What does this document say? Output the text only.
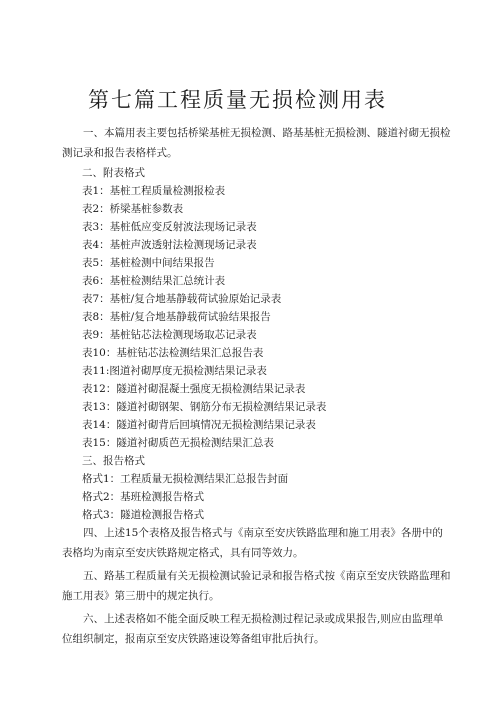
第七篇工程质量无损检测用表

一、本篇用表主要包括桥梁基桩无损检测、路基基桩无损检测、隧道衬砌无损检测记录和报告表格样式。

二、附表格式

表1：基桩工程质量检测报检表

表2：桥梁基桩参数表

表3：基桩低应变反射波法现场记录表

表4：基桩声波透射法检测现场记录表

表5：基桩检测中间结果报告

表6：基桩检测结果汇总统计表

表7：基桩/复合地基静载荷试验原始记录表

表8：基桩/复合地基静载荷试验结果报告

表9：基桩钻芯法检测现场取芯记录表

表10：基桩钻芯法检测结果汇总报告表

表11:图道衬砌厚度无损检测结果记录表

表12：隧道衬砌混凝土强度无损检测结果记录表

表13：隧道衬砌钢架、钢筋分布无损检测结果记录表

表14：隧道衬砌背后回填情况无损检测结果记录表

表15：隧道衬砌质芭无损检测结果汇总表

三、报告格式

格式1：工程质量无损检测结果汇总报告封面

格式2：基班检测报告格式

格式3：隧道检测报告格式

四、上述15个表格及报告格式与《南京至安庆铁路监理和施工用表》各册中的表格均为南京至安庆铁路规定格式，具有同等效力。

五、路基工程质量有关无损检测试验记录和报告格式按《南京至安庆铁路监理和施工用表》第三册中的规定执行。

六、上述表格如不能全面反映工程无损检测过程记录或成果报告,则应由监理单位组织制定，报南京至安庆铁路速设筹备组审批后执行。
